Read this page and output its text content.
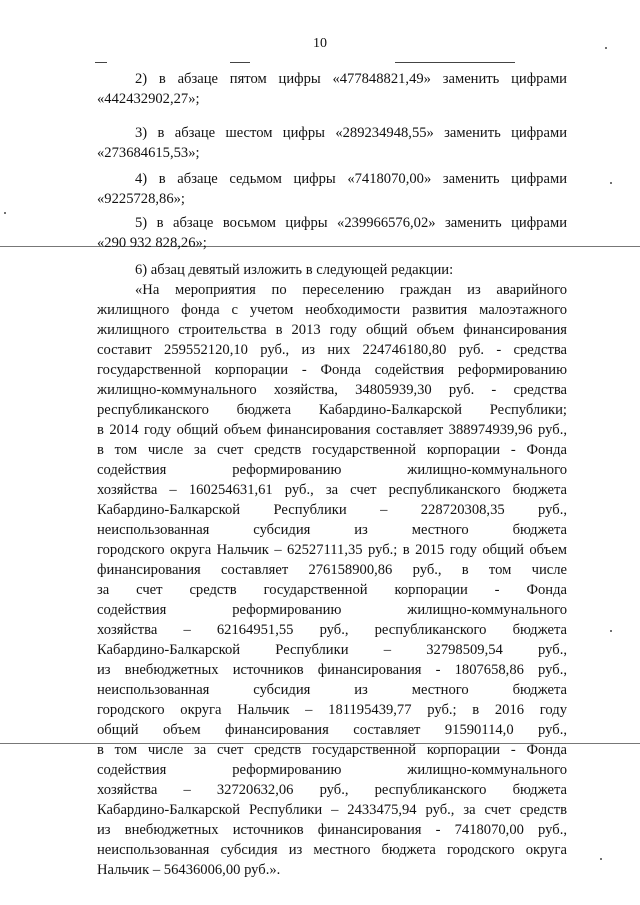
10
2) в абзаце пятом цифры «477848821,49» заменить цифрами
«442432902,27»;
3) в абзаце шестом цифры «289234948,55» заменить цифрами
«273684615,53»;
4) в абзаце седьмом цифры «7418070,00» заменить цифрами
«9225728,86»;
5) в абзаце восьмом цифры «239966576,02» заменить цифрами
«290 932 828,26»;
6) абзац девятый изложить в следующей редакции:
«На мероприятия по переселению граждан из аварийного
жилищного фонда с учетом необходимости развития малоэтажного
жилищного строительства в 2013 году общий объем финансирования
составит 259552120,10 руб., из них 224746180,80 руб. - средства
государственной корпорации - Фонда содействия реформированию
жилищно-коммунального хозяйства, 34805939,30 руб. - средства
республиканского бюджета Кабардино-Балкарской Республики;
в 2014 году общий объем финансирования составляет 388974939,96 руб.,
в том числе за счет средств государственной корпорации - Фонда
содействия реформированию жилищно-коммунального
хозяйства – 160254631,61 руб., за счет республиканского бюджета
Кабардино-Балкарской Республики – 228720308,35 руб.,
неиспользованная субсидия из местного бюджета
городского округа Нальчик – 62527111,35 руб.; в 2015 году общий объем
финансирования составляет 276158900,86 руб., в том числе
за счет средств государственной корпорации - Фонда
содействия реформированию жилищно-коммунального
хозяйства – 62164951,55 руб., республиканского бюджета
Кабардино-Балкарской Республики – 32798509,54 руб.,
из внебюджетных источников финансирования - 1807658,86 руб.,
неиспользованная субсидия из местного бюджета
городского округа Нальчик – 181195439,77 руб.; в 2016 году
общий объем финансирования составляет 91590114,0 руб.,
в том числе за счет средств государственной корпорации - Фонда
содействия реформированию жилищно-коммунального
хозяйства – 32720632,06 руб., республиканского бюджета
Кабардино-Балкарской Республики – 2433475,94 руб., за счет средств
из внебюджетных источников финансирования - 7418070,00 руб.,
неиспользованная субсидия из местного бюджета городского округа
Нальчик – 56436006,00 руб.».
